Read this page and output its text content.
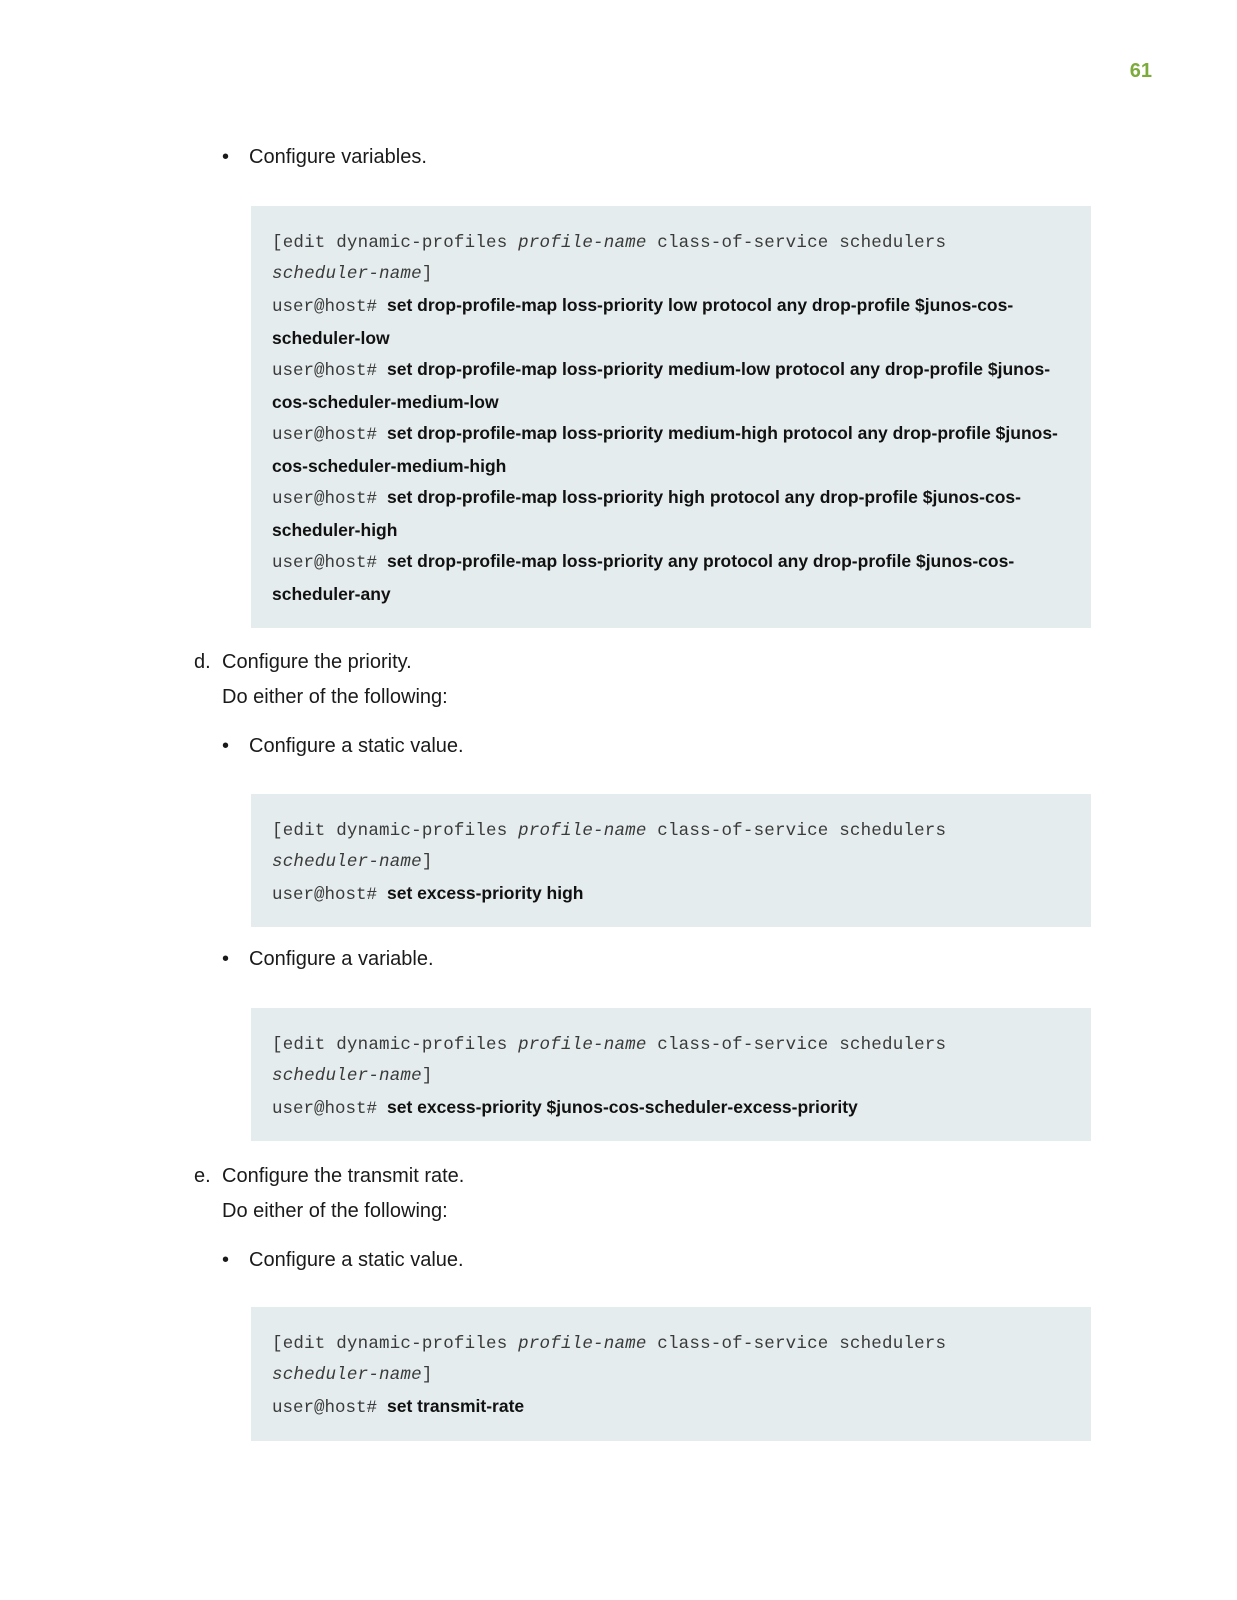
61
• Configure variables.
[edit dynamic-profiles profile-name class-of-service schedulers
scheduler-name]
user@host# set drop-profile-map loss-priority low protocol any drop-profile $junos-cos-
scheduler-low
user@host# set drop-profile-map loss-priority medium-low protocol any drop-profile $junos-
cos-scheduler-medium-low
user@host# set drop-profile-map loss-priority medium-high protocol any drop-profile $junos-
cos-scheduler-medium-high
user@host# set drop-profile-map loss-priority high protocol any drop-profile $junos-cos-
scheduler-high
user@host# set drop-profile-map loss-priority any protocol any drop-profile $junos-cos-
scheduler-any
d. Configure the priority.
Do either of the following:
• Configure a static value.
[edit dynamic-profiles profile-name class-of-service schedulers
scheduler-name]
user@host# set excess-priority high
• Configure a variable.
[edit dynamic-profiles profile-name class-of-service schedulers
scheduler-name]
user@host# set excess-priority $junos-cos-scheduler-excess-priority
e. Configure the transmit rate.
Do either of the following:
• Configure a static value.
[edit dynamic-profiles profile-name class-of-service schedulers
scheduler-name]
user@host# set transmit-rate
